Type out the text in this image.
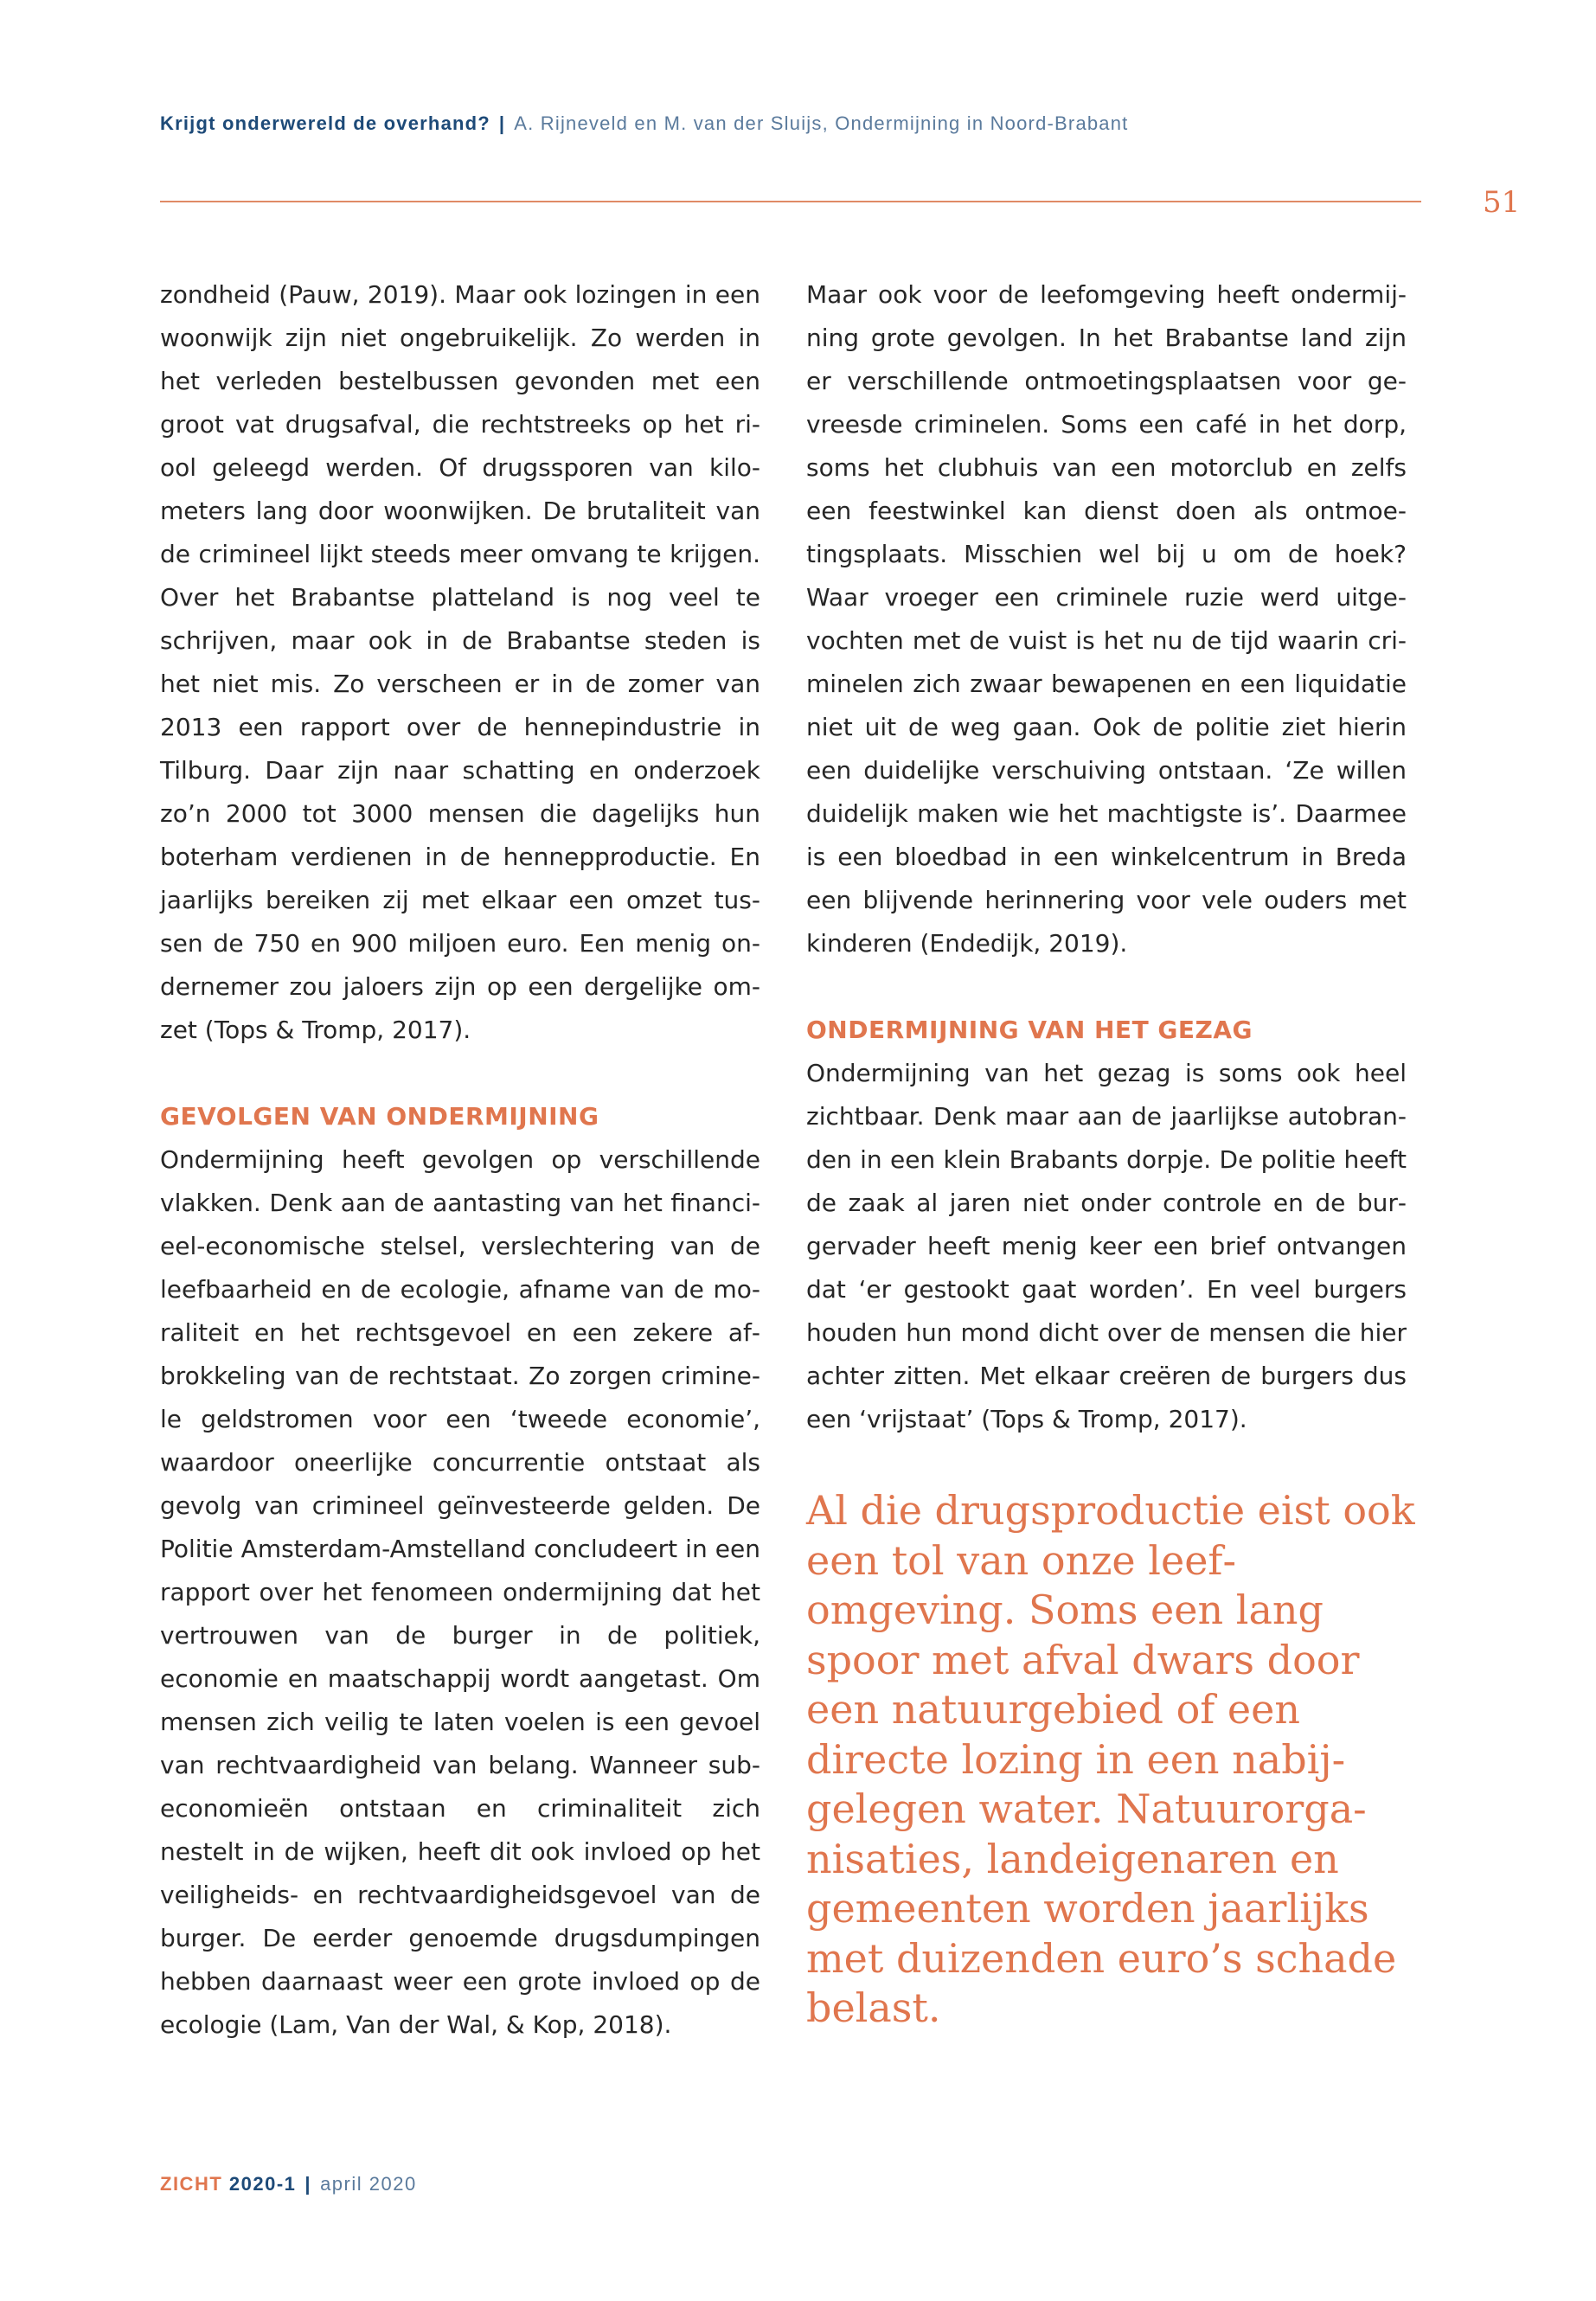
Krijgt onderwereld de overhand? | A. Rijneveld en M. van der Sluijs, Ondermijning in Noord-Brabant
51

zondheid (Pauw, 2019). Maar ook lozingen in een woonwijk zijn niet ongebruikelijk. Zo werden in het verleden bestelbussen gevonden met een groot vat drugsafval, die rechtstreeks op het riool geleegd werden. Of drugssporen van kilometers lang door woonwijken. De brutaliteit van de crimineel lijkt steeds meer omvang te krijgen. Over het Brabantse platteland is nog veel te schrijven, maar ook in de Brabantse steden is het niet mis. Zo verscheen er in de zomer van 2013 een rapport over de hennepindustrie in Tilburg. Daar zijn naar schatting en onderzoek zo’n 2000 tot 3000 mensen die dagelijks hun boterham verdienen in de hennepproductie. En jaarlijks bereiken zij met elkaar een omzet tussen de 750 en 900 miljoen euro. Een menig ondernemer zou jaloers zijn op een dergelijke omzet (Tops & Tromp, 2017).

GEVOLGEN VAN ONDERMIJNING

Ondermijning heeft gevolgen op verschillende vlakken. Denk aan de aantasting van het financieel-economische stelsel, verslechtering van de leefbaarheid en de ecologie, afname van de moraliteit en het rechtsgevoel en een zekere afbrokkeling van de rechtstaat. Zo zorgen criminele geldstromen voor een ‘tweede economie’, waardoor oneerlijke concurrentie ontstaat als gevolg van crimineel geïnvesteerde gelden. De Politie Amsterdam-Amstelland concludeert in een rapport over het fenomeen ondermijning dat het vertrouwen van de burger in de politiek, economie en maatschappij wordt aangetast. Om mensen zich veilig te laten voelen is een gevoel van rechtvaardigheid van belang. Wanneer sub-economieën ontstaan en criminaliteit zich nestelt in de wijken, heeft dit ook invloed op het veiligheids- en rechtvaardigheidsgevoel van de burger. De eerder genoemde drugsdumpingen hebben daarnaast weer een grote invloed op de ecologie (Lam, Van der Wal, & Kop, 2018).

Maar ook voor de leefomgeving heeft ondermijning grote gevolgen. In het Brabantse land zijn er verschillende ontmoetingsplaatsen voor gevreesde criminelen. Soms een café in het dorp, soms het clubhuis van een motorclub en zelfs een feestwinkel kan dienst doen als ontmoetingsplaats. Misschien wel bij u om de hoek? Waar vroeger een criminele ruzie werd uitgevochten met de vuist is het nu de tijd waarin criminelen zich zwaar bewapenen en een liquidatie niet uit de weg gaan. Ook de politie ziet hierin een duidelijke verschuiving ontstaan. ‘Ze willen duidelijk maken wie het machtigste is’. Daarmee is een bloedbad in een winkelcentrum in Breda een blijvende herinnering voor vele ouders met kinderen (Endedijk, 2019).

ONDERMIJNING VAN HET GEZAG

Ondermijning van het gezag is soms ook heel zichtbaar. Denk maar aan de jaarlijkse autobranden in een klein Brabants dorpje. De politie heeft de zaak al jaren niet onder controle en de burgervader heeft menig keer een brief ontvangen dat ‘er gestookt gaat worden’. En veel burgers houden hun mond dicht over de mensen die hier achter zitten. Met elkaar creëren de burgers dus een ‘vrijstaat’ (Tops & Tromp, 2017).

Al die drugsproductie eist ook een tol van onze leefomgeving. Soms een lang spoor met afval dwars door een natuurgebied of een directe lozing in een nabijgelegen water. Natuurorganisaties, landeigenaren en gemeenten worden jaarlijks met duizenden euro’s schade belast.
ZICHT 2020-1 | april 2020
